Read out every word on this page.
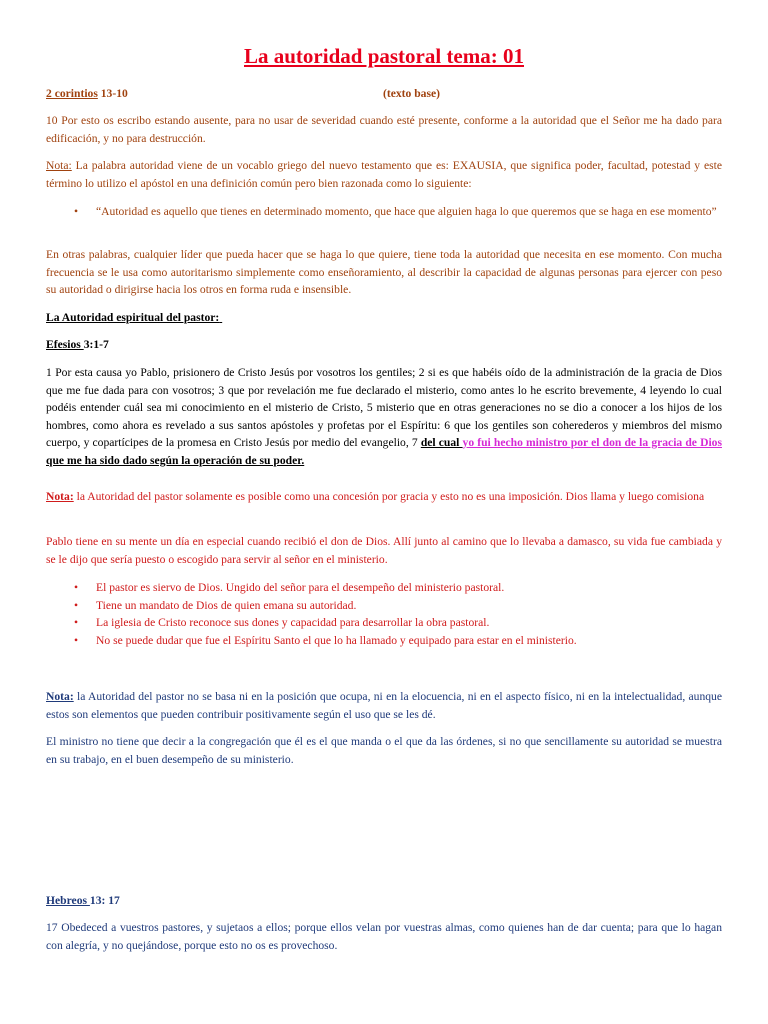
La autoridad pastoral tema: 01
2 corintios 13-10	(texto base)

10 Por esto os escribo estando ausente, para no usar de severidad cuando esté presente, conforme a la autoridad que el Señor me ha dado para edificación, y no para destrucción.

Nota: La palabra autoridad viene de un vocablo griego del nuevo testamento que es: EXAUSIA, que significa poder, facultad, potestad y este término lo utilizo el apóstol en una definición común pero bien razonada como lo siguiente:

• “Autoridad es aquello que tienes en determinado momento, que hace que alguien haga lo que queremos que se haga en ese momento”

En otras palabras, cualquier líder que pueda hacer que se haga lo que quiere, tiene toda la autoridad que necesita en ese momento. Con mucha frecuencia se le usa como autoritarismo simplemente como enseñoramiento, al describir la capacidad de algunas personas para ejercer con peso su autoridad o dirigirse hacia los otros en forma ruda e insensible.

La Autoridad espiritual del pastor:
Efesios 3:1-7

1 Por esta causa yo Pablo, prisionero de Cristo Jesús por vosotros los gentiles; 2 si es que habéis oído de la administración de la gracia de Dios que me fue dada para con vosotros; 3 que por revelación me fue declarado el misterio, como antes lo he escrito brevemente, 4 leyendo lo cual podéis entender cuál sea mi conocimiento en el misterio de Cristo, 5 misterio que en otras generaciones no se dio a conocer a los hijos de los hombres, como ahora es revelado a sus santos apóstoles y profetas por el Espíritu: 6 que los gentiles son coherederos y miembros del mismo cuerpo, y copartícipes de la promesa en Cristo Jesús por medio del evangelio, 7 del cual yo fui hecho ministro por el don de la gracia de Dios que me ha sido dado según la operación de su poder.

Nota: la Autoridad del pastor solamente es posible como una concesión por gracia y esto no es una imposición. Dios llama y luego comisiona

Pablo tiene en su mente un día en especial cuando recibió el don de Dios. Allí junto al camino que lo llevaba a damasco, su vida fue cambiada y se le dijo que sería puesto o escogido para servir al señor en el ministerio.

• El pastor es siervo de Dios. Ungido del señor para el desempeño del ministerio pastoral.
• Tiene un mandato de Dios de quien emana su autoridad.
• La iglesia de Cristo reconoce sus dones y capacidad para desarrollar la obra pastoral.
• No se puede dudar que fue el Espíritu Santo el que lo ha llamado y equipado para estar en el ministerio.

Nota: la Autoridad del pastor no se basa ni en la posición que ocupa, ni en la elocuencia, ni en el aspecto físico, ni en la intelectualidad, aunque estos son elementos que pueden contribuir positivamente según el uso que se les dé.

El ministro no tiene que decir a la congregación que él es el que manda o el que da las órdenes, si no que sencillamente su autoridad se muestra en su trabajo, en el buen desempeño de su ministerio.

Hebreos 13: 17

17 Obedeced a vuestros pastores, y sujetaos a ellos; porque ellos velan por vuestras almas, como quienes han de dar cuenta; para que lo hagan con alegría, y no quejándose, porque esto no os es provechoso.
